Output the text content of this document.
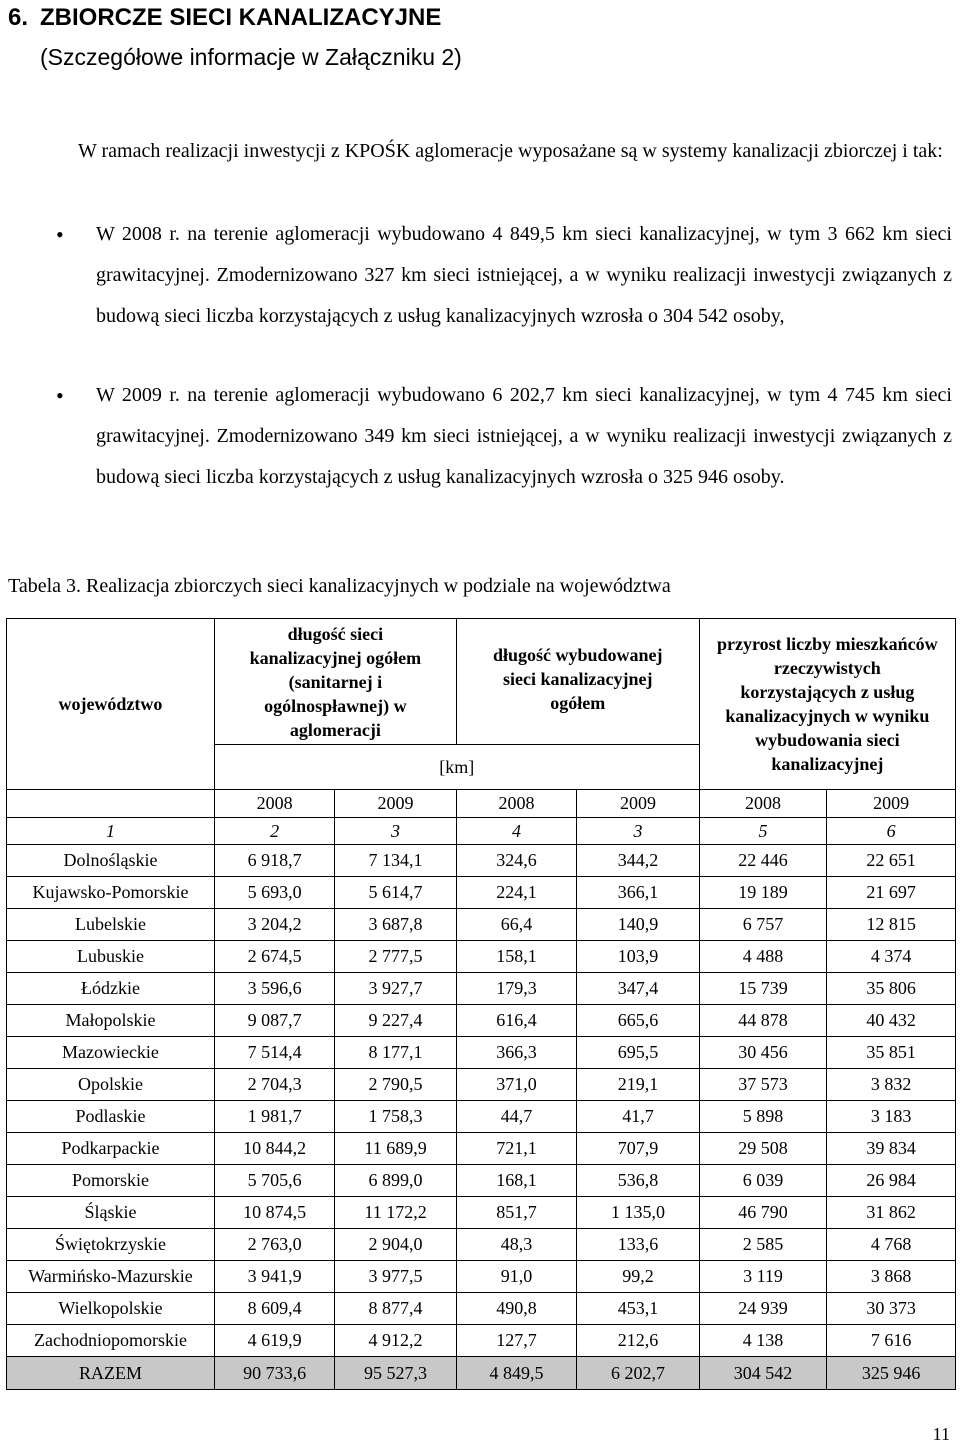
6. ZBIORCZE SIECI KANALIZACYJNE
(Szczegółowe informacje w Załączniku 2)
W ramach realizacji inwestycji z KPOŚK aglomeracje wyposażane są w systemy kanalizacji zbiorczej i tak:
• W 2008 r. na terenie aglomeracji wybudowano 4 849,5 km sieci kanalizacyjnej, w tym 3 662 km sieci grawitacyjnej. Zmodernizowano 327 km sieci istniejącej, a w wyniku realizacji inwestycji związanych z budową sieci liczba korzystających z usług kanalizacyjnych wzrosła o 304 542 osoby,
• W 2009 r. na terenie aglomeracji wybudowano 6 202,7 km sieci kanalizacyjnej, w tym 4 745 km sieci grawitacyjnej. Zmodernizowano 349 km sieci istniejącej, a w wyniku realizacji inwestycji związanych z budową sieci liczba korzystających z usług kanalizacyjnych wzrosła o 325 946 osoby.
Tabela 3. Realizacja zbiorczych sieci kanalizacyjnych w podziale na województwa
województwo	długość sieci kanalizacyjnej ogółem (sanitarnej i ogólnospławnej) w aglomeracji		długość wybudowanej sieci kanalizacyjnej ogółem		przyrost liczby mieszkańców rzeczywistych korzystających z usług kanalizacyjnych w wyniku wybudowania sieci kanalizacyjnej	
	[km]					
	2008	2009	2008	2009	2008	2009
1	2	3	4	3	5	6
Dolnośląskie	6 918,7	7 134,1	324,6	344,2	22 446	22 651
Kujawsko-Pomorskie	5 693,0	5 614,7	224,1	366,1	19 189	21 697
Lubelskie	3 204,2	3 687,8	66,4	140,9	6 757	12 815
Lubuskie	2 674,5	2 777,5	158,1	103,9	4 488	4 374
Łódzkie	3 596,6	3 927,7	179,3	347,4	15 739	35 806
Małopolskie	9 087,7	9 227,4	616,4	665,6	44 878	40 432
Mazowieckie	7 514,4	8 177,1	366,3	695,5	30 456	35 851
Opolskie	2 704,3	2 790,5	371,0	219,1	37 573	3 832
Podlaskie	1 981,7	1 758,3	44,7	41,7	5 898	3 183
Podkarpackie	10 844,2	11 689,9	721,1	707,9	29 508	39 834
Pomorskie	5 705,6	6 899,0	168,1	536,8	6 039	26 984
Śląskie	10 874,5	11 172,2	851,7	1 135,0	46 790	31 862
Świętokrzyskie	2 763,0	2 904,0	48,3	133,6	2 585	4 768
Warmińsko-Mazurskie	3 941,9	3 977,5	91,0	99,2	3 119	3 868
Wielkopolskie	8 609,4	8 877,4	490,8	453,1	24 939	30 373
Zachodniopomorskie	4 619,9	4 912,2	127,7	212,6	4 138	7 616
RAZEM	90 733,6	95 527,3	4 849,5	6 202,7	304 542	325 946
11
